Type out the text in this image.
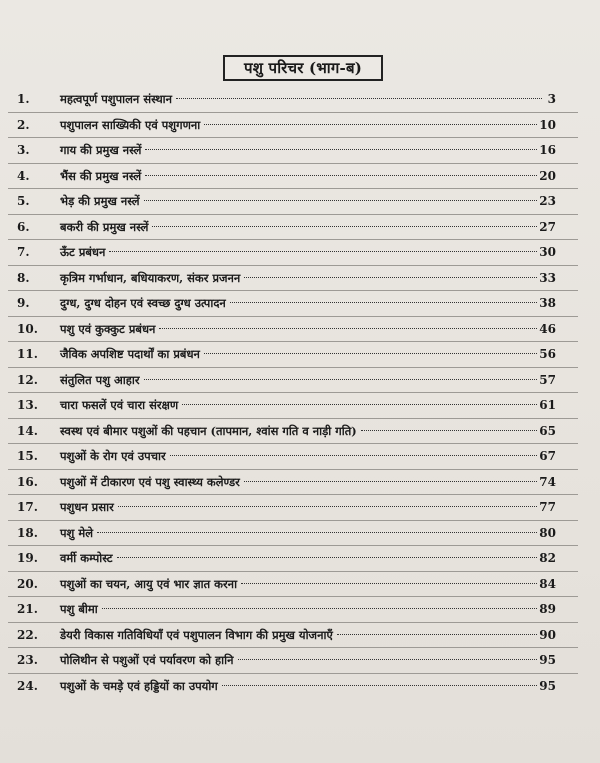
पशु परिचर (भाग-ब)
1.	महत्वपूर्ण पशुपालन संस्थान	3
2.	पशुपालन साख्यिकी एवं पशुगणना	10
3.	गाय की प्रमुख नस्लें	16
4.	भैंस की प्रमुख नस्लें	20
5.	भेड़ की प्रमुख नस्लें	23
6.	बकरी की प्रमुख नस्लें	27
7.	ऊँट प्रबंधन	30
8.	कृत्रिम गर्भाधान, बधियाकरण, संकर प्रजनन	33
9.	दुग्ध, दुग्ध दोहन एवं स्वच्छ दुग्ध उत्पादन	38
10.	पशु एवं कुक्कुट प्रबंधन	46
11.	जैविक अपशिष्ट पदार्थों का प्रबंधन	56
12.	संतुलित पशु आहार	57
13.	चारा फसलें एवं चारा संरक्षण	61
14.	स्वस्थ एवं बीमार पशुओं की पहचान (तापमान, श्वांस गति व नाड़ी गति)	65
15.	पशुओं के रोग एवं उपचार	67
16.	पशुओं में टीकारण एवं पशु स्वास्थ्य कलेण्डर	74
17.	पशुधन प्रसार	77
18.	पशु मेले	80
19.	वर्मी कम्पोस्ट	82
20.	पशुओं का चयन, आयु एवं भार ज्ञात करना	84
21.	पशु बीमा	89
22.	डेयरी विकास गतिविधियाँ एवं पशुपालन विभाग की प्रमुख योजनाएँ	90
23.	पोलिथीन से पशुओं एवं पर्यावरण को हानि	95
24.	पशुओं के चमड़े एवं हड्डियों का उपयोग	95
